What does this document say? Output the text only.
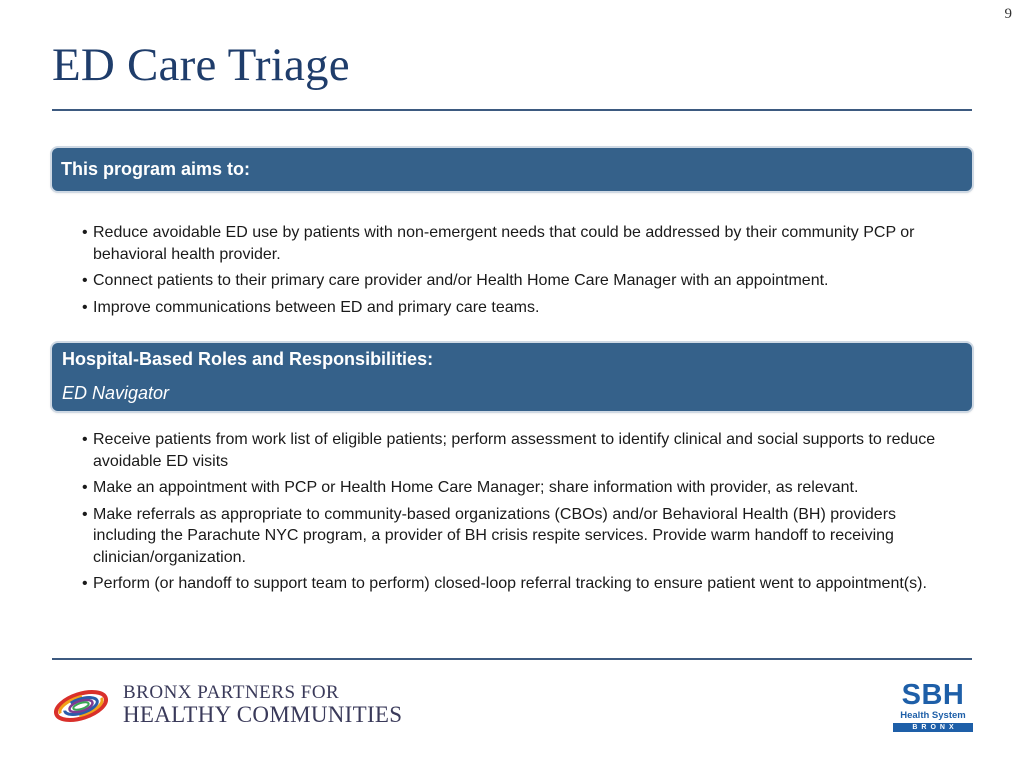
9
ED Care Triage
This program aims to:
• Reduce avoidable ED use by patients with non-emergent needs that could be addressed by their community PCP or behavioral health provider.
• Connect patients to their primary care provider and/or Health Home Care Manager with an appointment.
• Improve communications between ED and primary care teams.
Hospital-Based Roles and Responsibilities:
ED Navigator
• Receive patients from work list of eligible patients; perform assessment to identify clinical and social supports to reduce avoidable ED visits
• Make an appointment with PCP or Health Home Care Manager; share information with provider, as relevant.
• Make referrals as appropriate to community-based organizations (CBOs) and/or Behavioral Health (BH) providers including the Parachute NYC program, a provider of BH crisis respite services. Provide warm handoff to receiving clinician/organization.
• Perform (or handoff to support team to perform) closed-loop referral tracking to ensure patient went to appointment(s).
BRONX PARTNERS FOR
HEALTHY COMMUNITIES
SBH
Health System
BRONX
